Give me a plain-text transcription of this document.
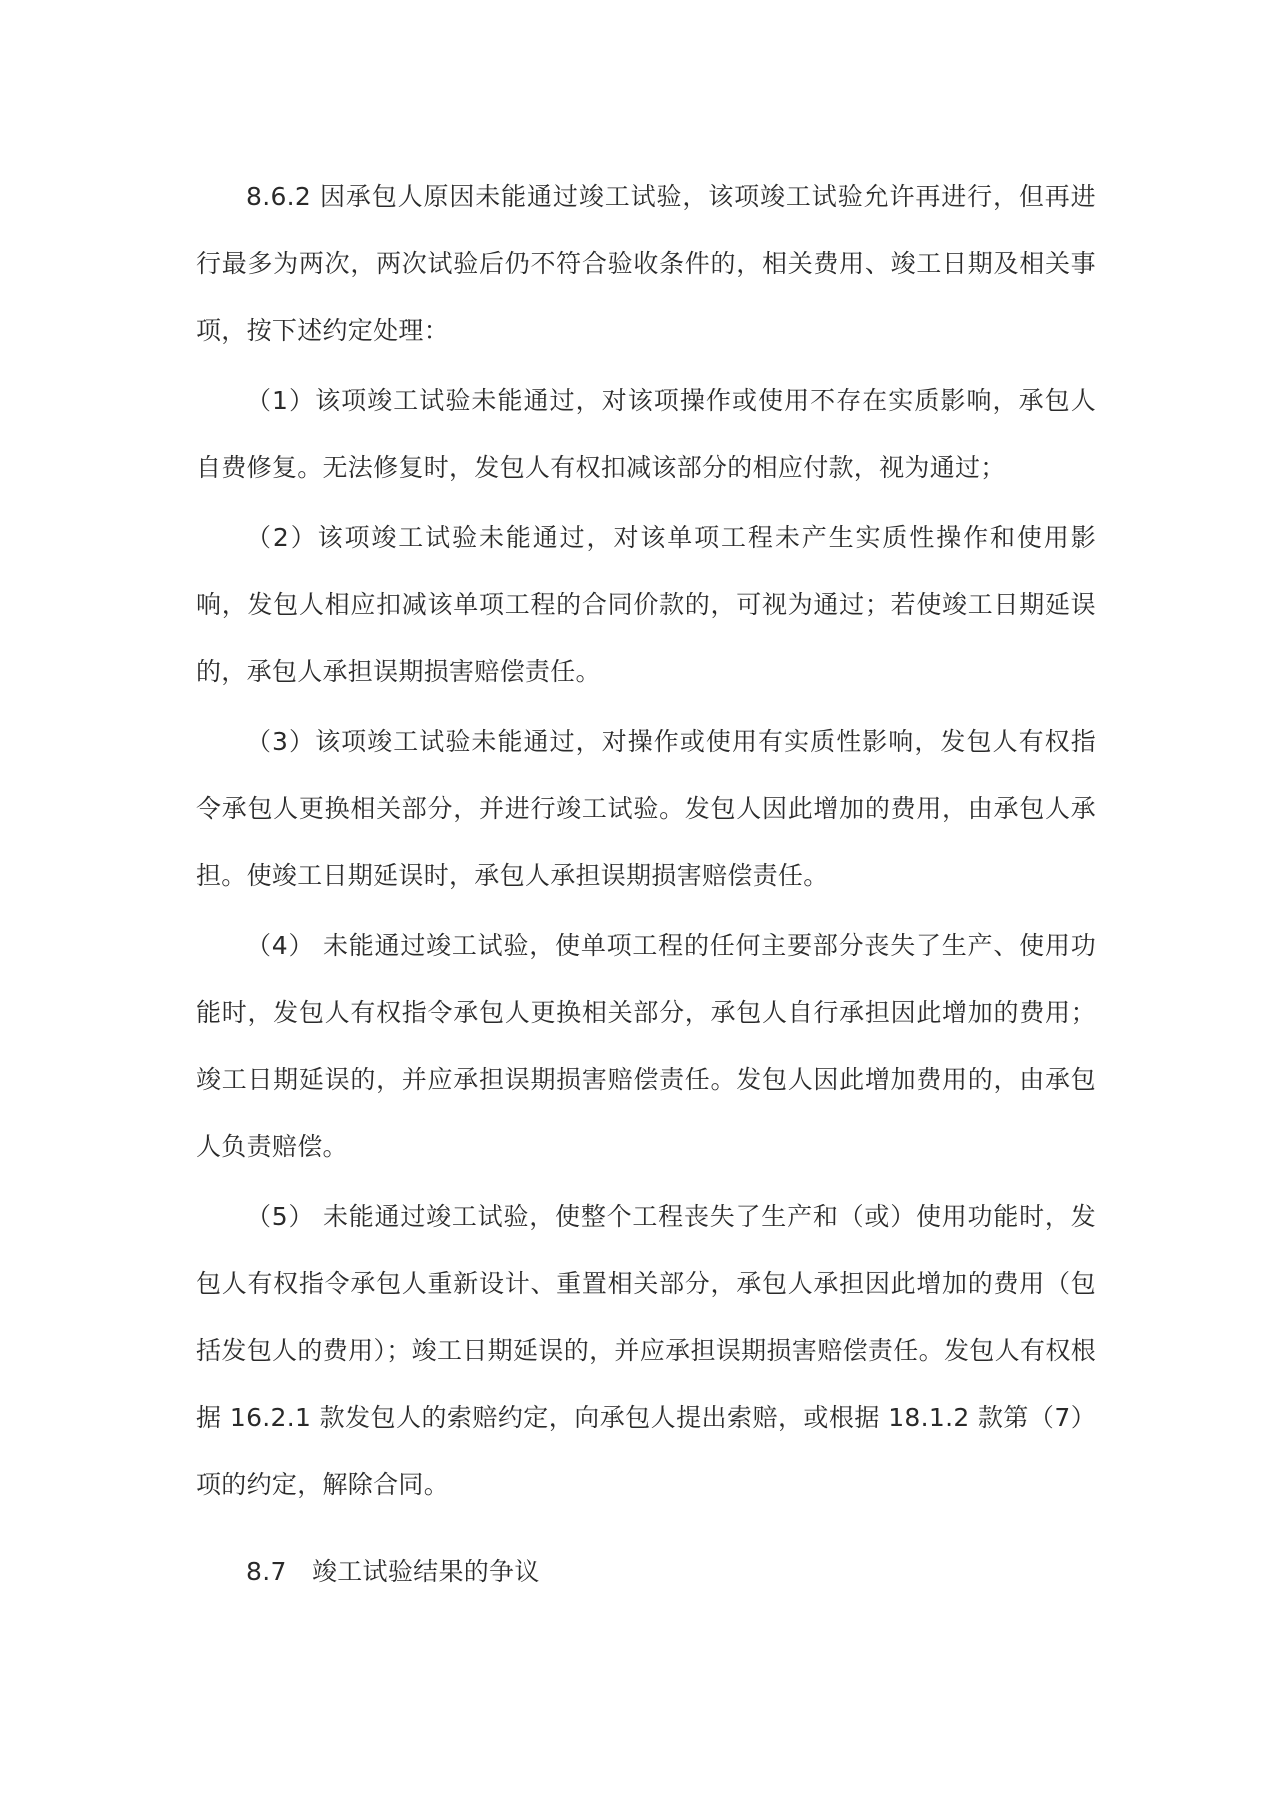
8.6.2 因承包人原因未能通过竣工试验，该项竣工试验允许再进行，但再进行最多为两次，两次试验后仍不符合验收条件的，相关费用、竣工日期及相关事项，按下述约定处理：

（1）该项竣工试验未能通过，对该项操作或使用不存在实质影响，承包人自费修复。无法修复时，发包人有权扣减该部分的相应付款，视为通过；

（2）该项竣工试验未能通过，对该单项工程未产生实质性操作和使用影响，发包人相应扣减该单项工程的合同价款的，可视为通过；若使竣工日期延误的，承包人承担误期损害赔偿责任。

（3）该项竣工试验未能通过，对操作或使用有实质性影响，发包人有权指令承包人更换相关部分，并进行竣工试验。发包人因此增加的费用，由承包人承担。使竣工日期延误时，承包人承担误期损害赔偿责任。

（4） 未能通过竣工试验，使单项工程的任何主要部分丧失了生产、使用功能时，发包人有权指令承包人更换相关部分，承包人自行承担因此增加的费用；竣工日期延误的，并应承担误期损害赔偿责任。发包人因此增加费用的，由承包人负责赔偿。

（5） 未能通过竣工试验，使整个工程丧失了生产和（或）使用功能时，发包人有权指令承包人重新设计、重置相关部分，承包人承担因此增加的费用（包括发包人的费用）；竣工日期延误的，并应承担误期损害赔偿责任。发包人有权根据 16.2.1 款发包人的索赔约定，向承包人提出索赔，或根据 18.1.2 款第（7）项的约定，解除合同。

8.7　竣工试验结果的争议
